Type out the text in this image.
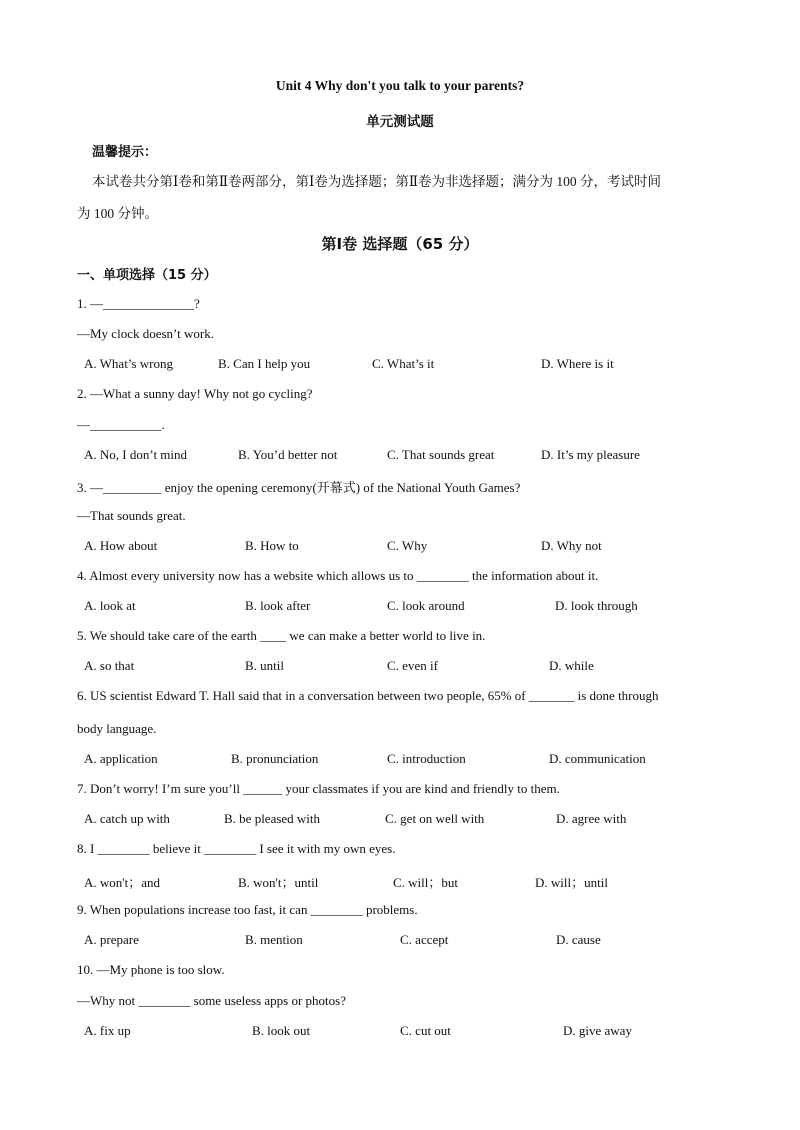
Unit 4 Why don't you talk to your parents?
单元测试题
温馨提示：
本试卷共分第Ⅰ卷和第Ⅱ卷两部分，第Ⅰ卷为选择题；第Ⅱ卷为非选择题；满分为 100 分，考试时间
为 100 分钟。
第Ⅰ卷 选择题（65 分）
一、单项选择（15 分）
1. —______________?
—My clock doesn’t work.
A. What’s wrong	B. Can I help you	C. What’s it	D. Where is it
2. —What a sunny day! Why not go cycling?
—___________.
A. No, I don’t mind	B. You’d better not	C. That sounds great	D. It’s my pleasure
3. —_________ enjoy the opening ceremony(开幕式) of the National Youth Games?
—That sounds great.
A. How about	B. How to	C. Why	D. Why not
4. Almost every university now has a website which allows us to ________ the information about it.
A. look at	B. look after	C. look around	D. look through
5. We should take care of the earth ____ we can make a better world to live in.
A. so that	B. until	C. even if	D. while
6. US scientist Edward T. Hall said that in a conversation between two people, 65% of _______ is done through
body language.
A. application	B. pronunciation	C. introduction	D. communication
7. Don’t worry! I’m sure you’ll ______ your classmates if you are kind and friendly to them.
A. catch up with	B. be pleased with	C. get on well with	D. agree with
8. I ________ believe it ________ I see it with my own eyes.
A. won't；and	B. won't；until	C. will；but	D. will；until
9. When populations increase too fast, it can ________ problems.
A. prepare	B. mention	C. accept	D. cause
10. —My phone is too slow.
—Why not ________ some useless apps or photos?
A. fix up	B. look out	C. cut out	D. give away
